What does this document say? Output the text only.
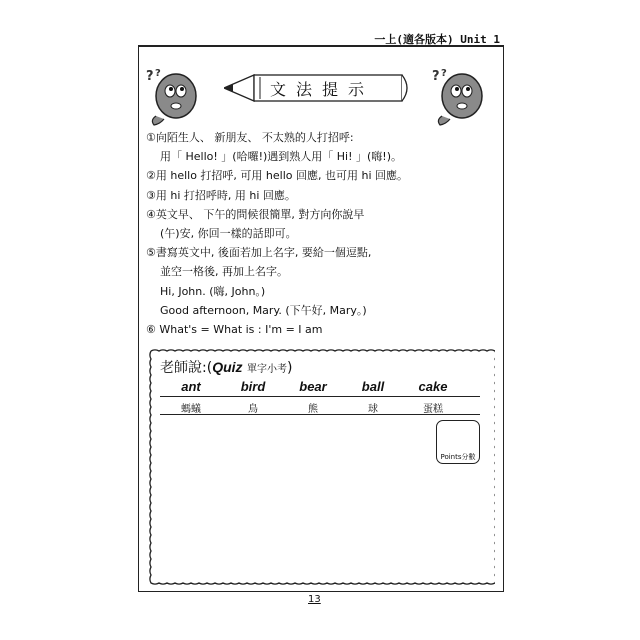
一上(適各版本) Unit 1
? ?
文法提示
? ?
①向陌生人、 新朋友、 不太熟的人打招呼:
用「 Hello! 」(哈囉!)遇到熟人用「 Hi! 」(嗨!)。
②用 hello 打招呼, 可用 hello 回應, 也可用 hi 回應。
③用 hi 打招呼時, 用 hi 回應。
④英文早、 下午的問候很簡單, 對方向你說早
(午)安, 你回一樣的話即可。
⑤書寫英文中, 後面若加上名字, 要給一個逗點,
並空一格後, 再加上名字。
Hi, John. (嗨, John。)
Good afternoon, Mary. (下午好, Mary。)
⑥ What's = What is : I'm = I am
老師說:(Quiz 單字小考)
ant	bird	bear	ball	cake
螞蟻	鳥	熊	球	蛋糕
Points分數
13
